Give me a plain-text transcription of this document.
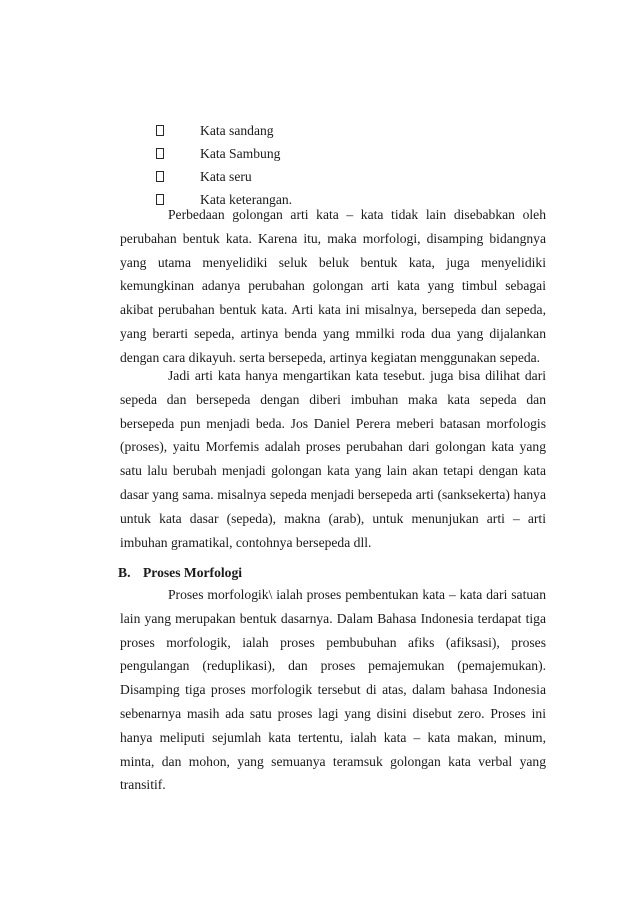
Kata sandang
Kata Sambung
Kata seru
Kata keterangan.

Perbedaan golongan arti kata – kata tidak lain disebabkan oleh perubahan bentuk kata. Karena itu, maka morfologi, disamping bidangnya yang utama menyelidiki seluk beluk bentuk kata, juga menyelidiki kemungkinan adanya perubahan golongan arti kata yang timbul sebagai akibat perubahan bentuk kata. Arti kata ini misalnya, bersepeda dan sepeda, yang berarti sepeda, artinya benda yang mmilki roda dua yang dijalankan dengan cara dikayuh. serta bersepeda, artinya kegiatan menggunakan sepeda.

Jadi arti kata hanya mengartikan kata tesebut. juga bisa dilihat dari sepeda dan bersepeda dengan diberi imbuhan maka kata sepeda dan bersepeda pun menjadi beda. Jos Daniel Perera meberi batasan morfologis (proses), yaitu Morfemis adalah proses perubahan dari golongan kata yang satu lalu berubah menjadi golongan kata yang lain akan tetapi dengan kata dasar yang sama. misalnya sepeda menjadi bersepeda arti (sanksekerta) hanya untuk kata dasar (sepeda), makna (arab), untuk menunjukan arti – arti imbuhan gramatikal, contohnya bersepeda dll.

B. Proses Morfologi

Proses morfologik\ ialah proses pembentukan kata – kata dari satuan lain yang merupakan bentuk dasarnya. Dalam Bahasa Indonesia terdapat tiga proses morfologik, ialah proses pembubuhan afiks (afiksasi), proses pengulangan (reduplikasi), dan proses pemajemukan (pemajemukan). Disamping tiga proses morfologik tersebut di atas, dalam bahasa Indonesia sebenarnya masih ada satu proses lagi yang disini disebut zero. Proses ini hanya meliputi sejumlah kata tertentu, ialah kata – kata makan, minum, minta, dan mohon, yang semuanya teramsuk golongan kata verbal yang transitif.
